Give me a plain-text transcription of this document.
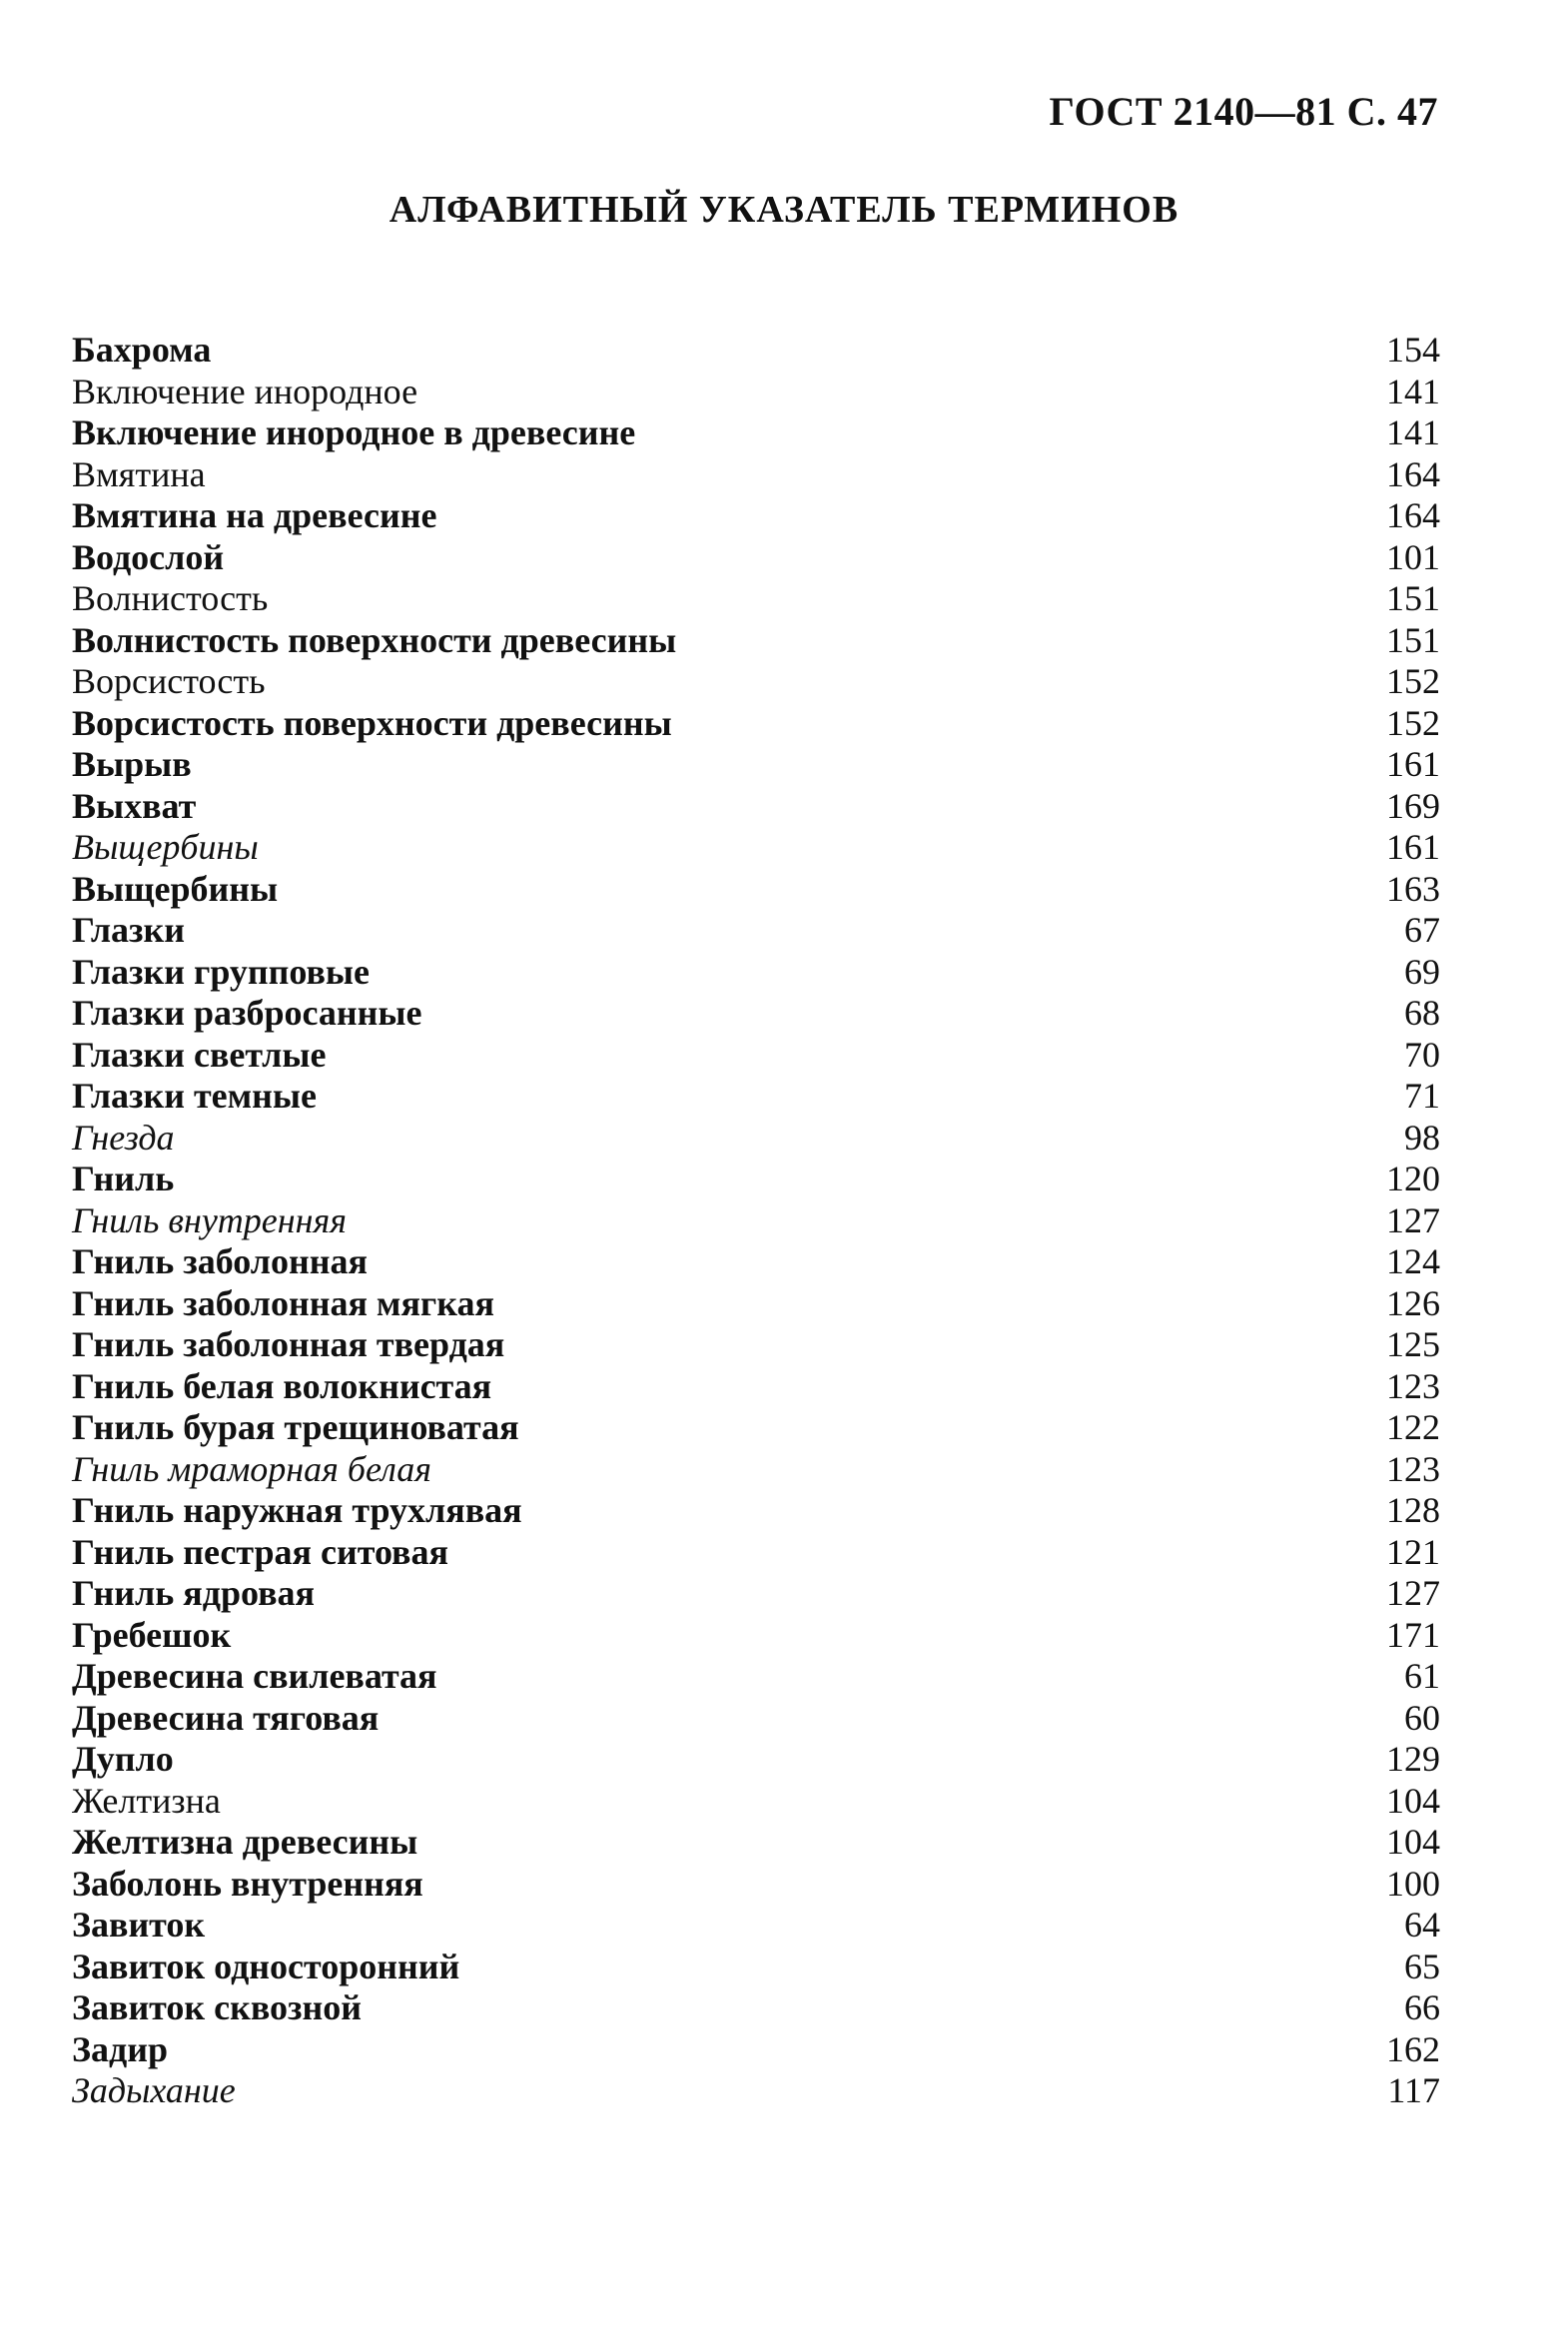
ГОСТ 2140—81 С. 47
АЛФАВИТНЫЙ УКАЗАТЕЛЬ ТЕРМИНОВ
Бахрома	154
Включение инородное	141
Включение инородное в древесине	141
Вмятина	164
Вмятина на древесине	164
Водослой	101
Волнистость	151
Волнистость поверхности древесины	151
Ворсистость	152
Ворсистость поверхности древесины	152
Вырыв	161
Выхват	169
Выщербины	161
Выщербины	163
Глазки	67
Глазки групповые	69
Глазки разбросанные	68
Глазки светлые	70
Глазки темные	71
Гнезда	98
Гниль	120
Гниль внутренняя	127
Гниль заболонная	124
Гниль заболонная мягкая	126
Гниль заболонная твердая	125
Гниль белая волокнистая	123
Гниль бурая трещиноватая	122
Гниль мраморная белая	123
Гниль наружная трухлявая	128
Гниль пестрая ситовая	121
Гниль ядровая	127
Гребешок	171
Древесина свилеватая	61
Древесина тяговая	60
Дупло	129
Желтизна	104
Желтизна древесины	104
Заболонь внутренняя	100
Завиток	64
Завиток односторонний	65
Завиток сквозной	66
Задир	162
Задыхание	117
